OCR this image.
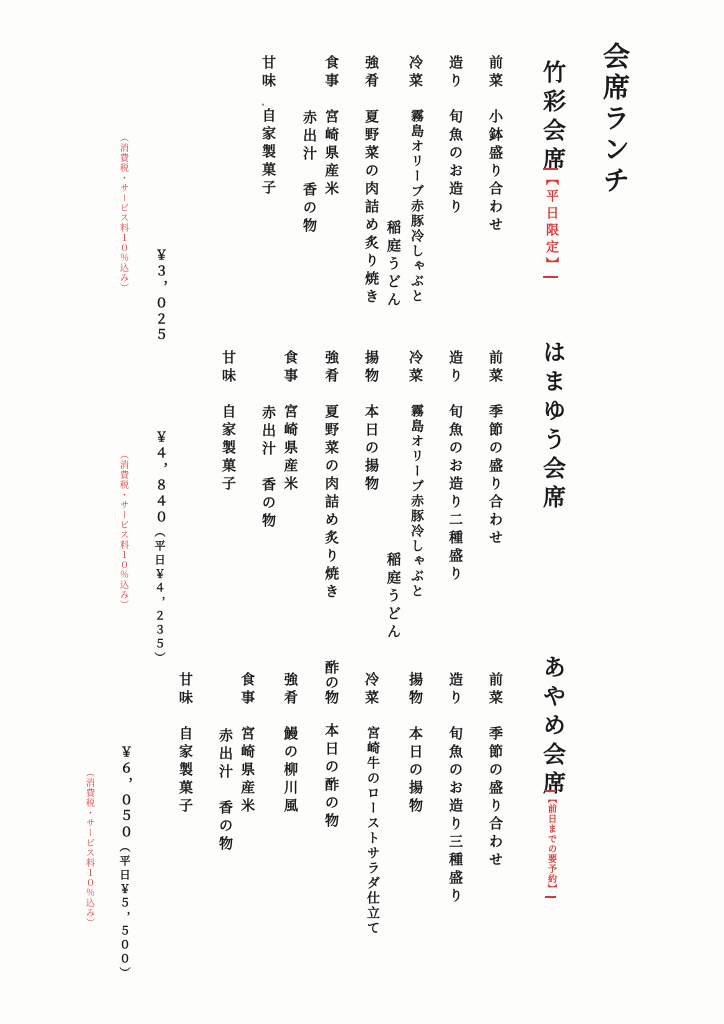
会席ランチ
竹彩会席
【平日限定】
前菜　小鉢盛り合わせ
造り　旬魚のお造り
冷菜　霧島オリーブ赤豚冷しゃぶと
稲庭うどん
強肴　夏野菜の肉詰め炙り焼き
食事　宮崎県産米
赤出汁　香の物
甘味
自家製菓子
・
￥３，０２５
（消費税・サービス料１０％込み）
はまゆう会席
前菜　季節の盛り合わせ
造り　旬魚のお造り二種盛り
冷菜　霧島オリーブ赤豚冷しゃぶと
稲庭うどん
揚物　本日の揚物
強肴　夏野菜の肉詰め炙り焼き
食事　宮崎県産米
赤出汁　香の物
甘味　自家製菓子
￥４，８４０（平日￥４，２３５）
（消費税・サービス料１０％込み）
あやめ会席
【前日までの要予約】
前菜　季節の盛り合わせ
造り　旬魚のお造り三種盛り
揚物　本日の揚物
冷菜　宮崎牛のローストサラダ仕立て
酢の物　本日の酢の物
強肴　鰻の柳川風
食事　宮崎県産米
赤出汁　香の物
甘味　自家製菓子
￥６，０５０（平日￥５，５００）
（消費税・サービス料１０％込み）
